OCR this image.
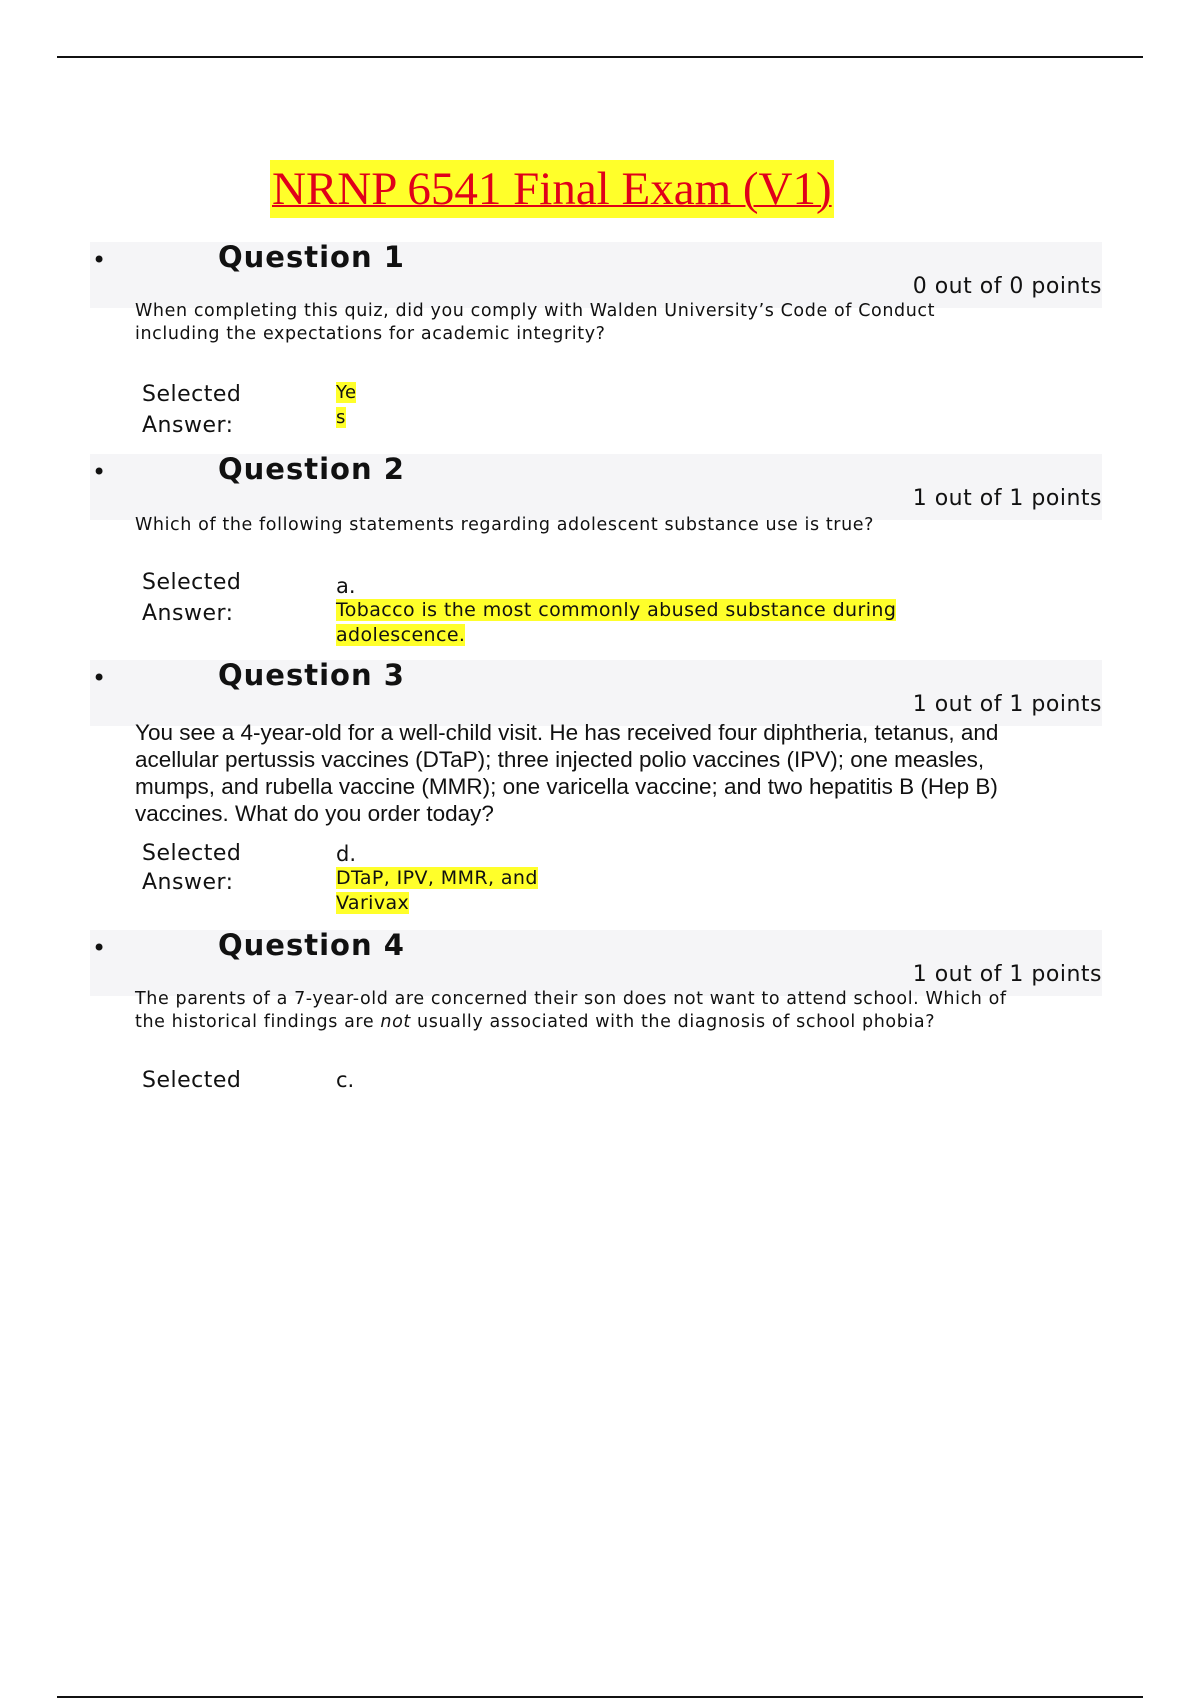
NRNP 6541 Final Exam (V1)
•	Question 1
0 out of 0 points
When completing this quiz, did you comply with Walden University’s Code of Conduct including the expectations for academic integrity?
Selected
Answer:
Ye
s
•	Question 2
1 out of 1 points
Which of the following statements regarding adolescent substance use is true?
Selected
Answer:
a.
Tobacco is the most commonly abused substance during
adolescence.
•	Question 3
1 out of 1 points
You see a 4-year-old for a well-child visit. He has received four diphtheria, tetanus, and acellular pertussis vaccines (DTaP); three injected polio vaccines (IPV); one measles, mumps, and rubella vaccine (MMR); one varicella vaccine; and two hepatitis B (Hep B) vaccines. What do you order today?
Selected
Answer:
d.
DTaP, IPV, MMR, and
Varivax
•	Question 4
1 out of 1 points
The parents of a 7-year-old are concerned their son does not want to attend school. Which of the historical findings are not usually associated with the diagnosis of school phobia?
Selected	c.
